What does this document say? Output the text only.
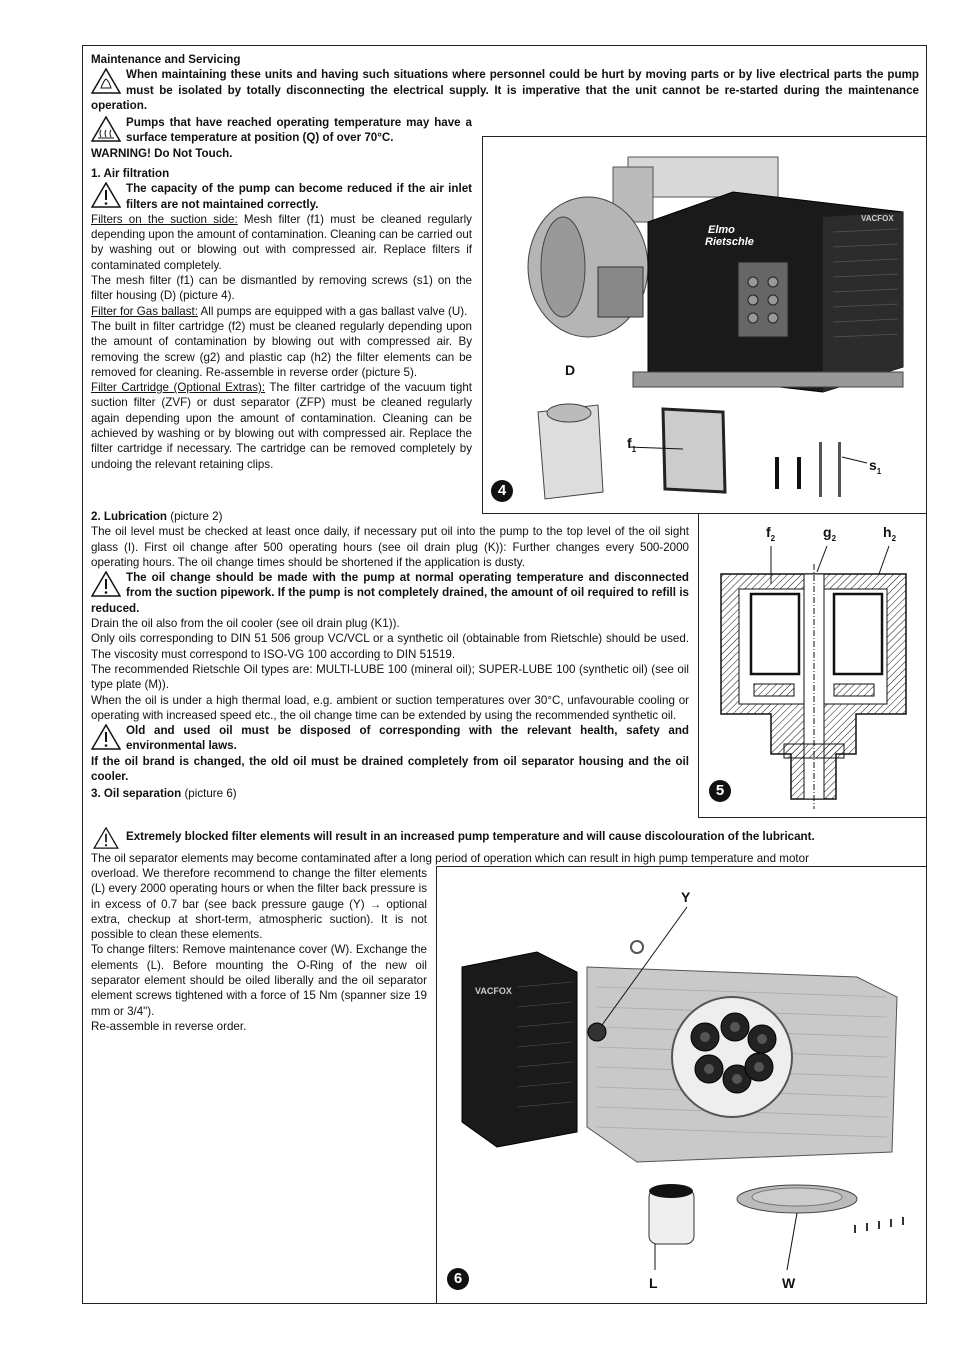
Maintenance and Servicing

When maintaining these units and having such situations where personnel could be hurt by moving parts or by live electrical parts the pump must be isolated by totally disconnecting the electrical supply. It is imperative that the unit cannot be re-started during the maintenance operation.

Pumps that have reached operating temperature may have a surface temperature at position (Q) of over 70°C.

WARNING! Do Not Touch.

1. Air filtration

The capacity of the pump can become reduced if the air inlet filters are not maintained correctly.

Filters on the suction side: Mesh filter (f1) must be cleaned regularly depending upon the amount of contamination. Cleaning can be carried out by washing out or blowing out with compressed air. Replace filters if contaminated completely.

The mesh filter (f1) can be dismantled by removing screws (s1) on the filter housing (D) (picture 4).

Filter for Gas ballast: All pumps are equipped with a gas ballast valve (U).

The built in filter cartridge (f2) must be cleaned regularly depending upon the amount of contamination by blowing out with compressed air. By removing the screw (g2) and plastic cap (h2) the filter elements can be removed for cleaning. Re-assemble in reverse order (picture 5).

Filter Cartridge (Optional Extras): The filter cartridge of the vacuum tight suction filter (ZVF) or dust separator (ZFP) must be cleaned regularly again depending upon the amount of contamination. Cleaning can be achieved by washing or by blowing out with compressed air. Replace the filter cartridge if necessary. The cartridge can be removed completely by undoing the relevant retaining clips.

2. Lubrication (picture 2)

The oil level must be checked at least once daily, if necessary put oil into the pump to the top level of the oil sight glass (I). First oil change after 500 operating hours (see oil drain plug (K)): Further changes every 500-2000 operating hours. The oil change times should be shortened if the application is dusty.

The oil change should be made with the pump at normal operating temperature and disconnected from the suction pipework. If the pump is not completely drained, the amount of oil required to refill is reduced.

Drain the oil also from the oil cooler (see oil drain plug (K1)).

Only oils corresponding to DIN 51 506 group VC/VCL or a synthetic oil (obtainable from Rietschle) should be used. The viscosity must correspond to ISO-VG 100 according to DIN 51519.

The recommended Rietschle Oil types are: MULTI-LUBE 100 (mineral oil); SUPER-LUBE 100 (synthetic oil) (see oil type plate (M)).

When the oil is under a high thermal load, e.g. ambient or suction temperatures over 30°C, unfavourable cooling or operating with increased speed etc., the oil change time can be extended by using the recommended synthetic oil.

Old and used oil must be disposed of corresponding with the relevant health, safety and environmental laws.

If the oil brand is changed, the old oil must be drained completely from oil separator housing and the oil cooler.

3. Oil separation (picture 6)

Extremely blocked filter elements will result in an increased pump temperature and will cause discolouration of the lubricant.
The oil separator elements may become contaminated after a long period of operation which can result in high pump temperature and motor

overload. We therefore recommend to change the filter elements (L) every 2000 operating hours or when the filter back pressure is in excess of 0.7 bar (see back pressure gauge (Y) → optional extra, checkup at short-term, atmospheric suction). It is not possible to clean these elements.

To change filters: Remove maintenance cover (W). Exchange the elements (L). Before mounting the O-Ring of the new oil separator element should be oiled liberally and the oil separator element screws tightened with a force of 15 Nm (spanner size 19 mm or 3/4").

Re-assemble in reverse order.

Elmo
Rietschle
VACFOX
D
$f_1$
$s_1$
4
$f_2$	$g_2$	$h_2$
5
VACFOX
Y
L	W
6
